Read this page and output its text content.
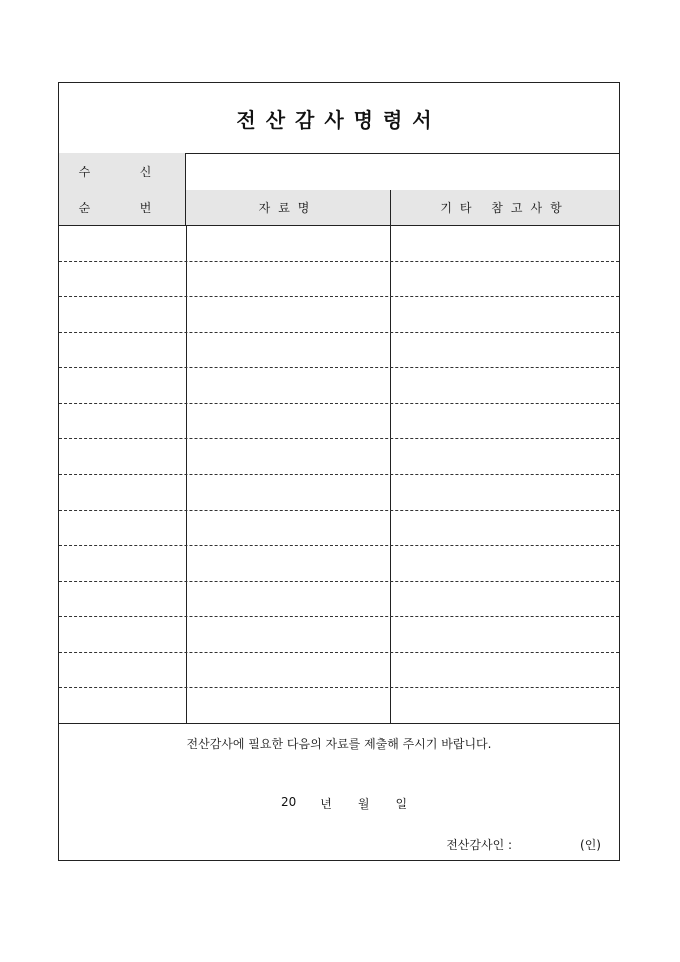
전산감사명령서
수  신
순  번	자료명	기타 참고사항
전산감사에 필요한 다음의 자료를 제출해 주시기 바랍니다.
20 년 월 일
전산감사인 :	(인)
